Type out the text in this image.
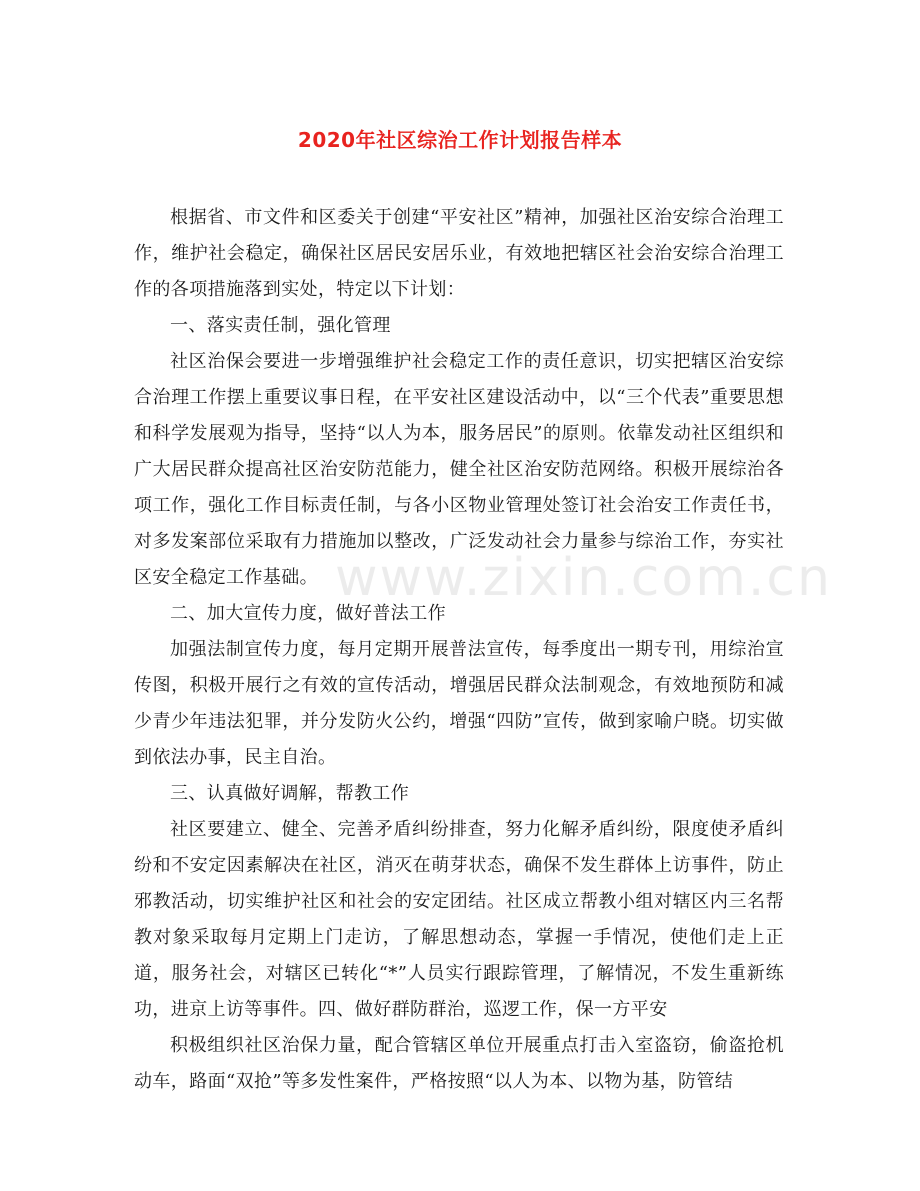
2020年社区综治工作计划报告样本

根据省、市文件和区委关于创建“平安社区”精神，加强社区治安综合治理工作，维护社会稳定，确保社区居民安居乐业，有效地把辖区社会治安综合治理工作的各项措施落到实处，特定以下计划：

一、落实责任制，强化管理

社区治保会要进一步增强维护社会稳定工作的责任意识，切实把辖区治安综合治理工作摆上重要议事日程，在平安社区建设活动中，以“三个代表”重要思想和科学发展观为指导，坚持“以人为本，服务居民”的原则。依靠发动社区组织和广大居民群众提高社区治安防范能力，健全社区治安防范网络。积极开展综治各项工作，强化工作目标责任制，与各小区物业管理处签订社会治安工作责任书，对多发案部位采取有力措施加以整改，广泛发动社会力量参与综治工作，夯实社区安全稳定工作基础。

二、加大宣传力度，做好普法工作

加强法制宣传力度，每月定期开展普法宣传，每季度出一期专刊，用综治宣传图，积极开展行之有效的宣传活动，增强居民群众法制观念，有效地预防和减少青少年违法犯罪，并分发防火公约，增强“四防”宣传，做到家喻户晓。切实做到依法办事，民主自治。

三、认真做好调解，帮教工作

社区要建立、健全、完善矛盾纠纷排查，努力化解矛盾纠纷，限度使矛盾纠纷和不安定因素解决在社区，消灭在萌芽状态，确保不发生群体上访事件，防止邪教活动，切实维护社区和社会的安定团结。社区成立帮教小组对辖区内三名帮教对象采取每月定期上门走访，了解思想动态，掌握一手情况，使他们走上正道，服务社会，对辖区已转化“*”人员实行跟踪管理，了解情况，不发生重新练功，进京上访等事件。四、做好群防群治，巡逻工作，保一方平安

积极组织社区治保力量，配合管辖区单位开展重点打击入室盗窃，偷盗抢机动车，路面“双抢”等多发性案件，严格按照“以人为本、以物为基，防管结

www.zixin.com.cn
